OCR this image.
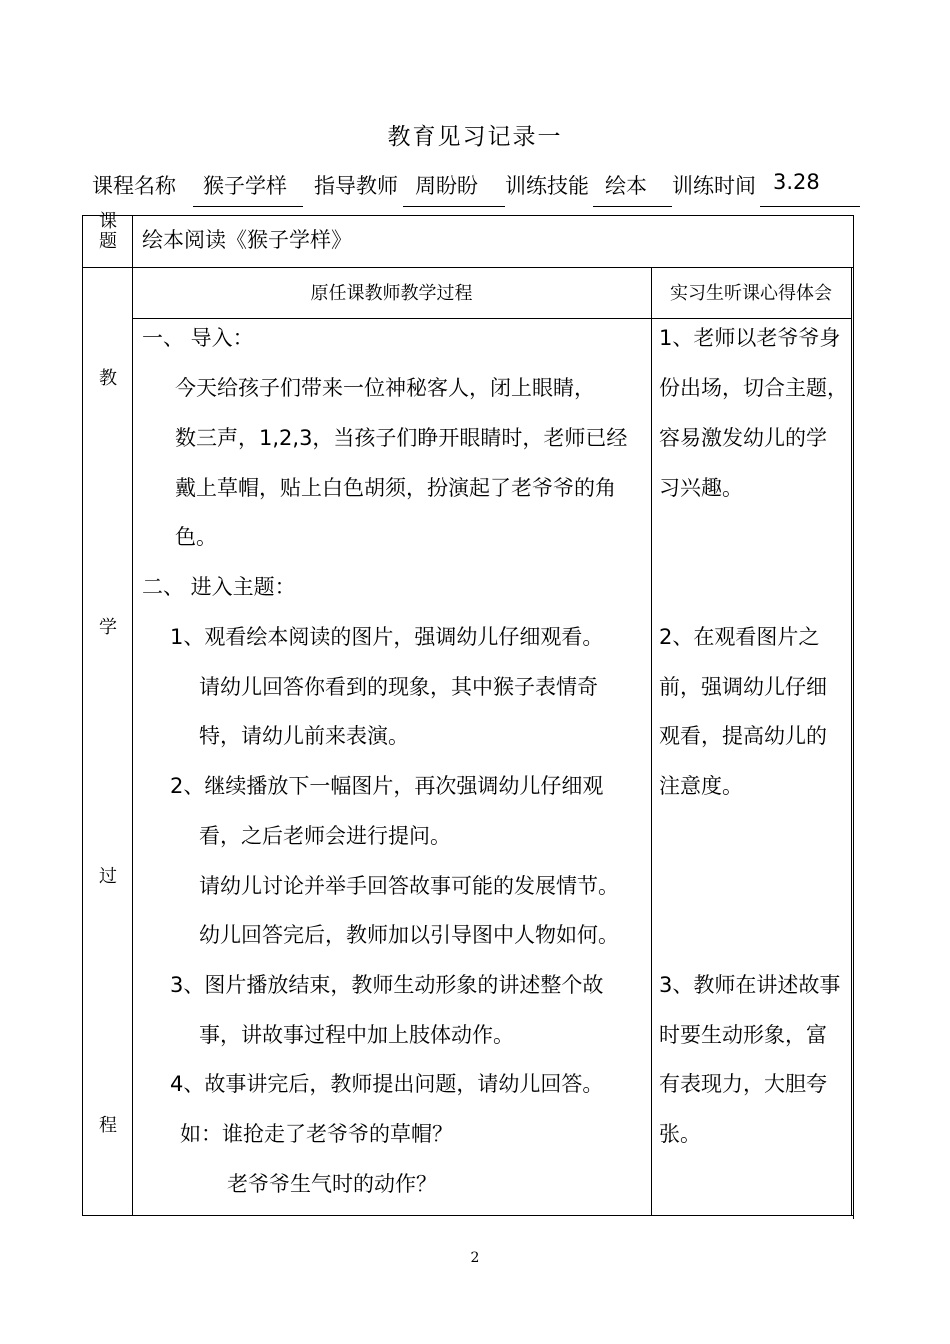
教育见习记录一
课程名称 猴子学样 指导教师 周盼盼 训练技能 绘本 训练时间 3.28
课
题	绘本阅读《猴子学样》
原任课教师教学过程	实习生听课心得体会
教
学
过
程
一、 导入：
今天给孩子们带来一位神秘客人，闭上眼睛，
数三声，1,2,3，当孩子们睁开眼睛时，老师已经
戴上草帽，贴上白色胡须，扮演起了老爷爷的角
色。
二、 进入主题：
1、观看绘本阅读的图片，强调幼儿仔细观看。
请幼儿回答你看到的现象，其中猴子表情奇
特，请幼儿前来表演。
2、继续播放下一幅图片，再次强调幼儿仔细观
看，之后老师会进行提问。
请幼儿讨论并举手回答故事可能的发展情节。
幼儿回答完后，教师加以引导图中人物如何。
3、图片播放结束，教师生动形象的讲述整个故
事，讲故事过程中加上肢体动作。
4、故事讲完后，教师提出问题，请幼儿回答。
如：谁抢走了老爷爷的草帽？
老爷爷生气时的动作？
1、老师以老爷爷身
份出场，切合主题，
容易激发幼儿的学
习兴趣。
2、在观看图片之
前，强调幼儿仔细
观看，提高幼儿的
注意度。
3、教师在讲述故事
时要生动形象，富
有表现力，大胆夸
张。
2
